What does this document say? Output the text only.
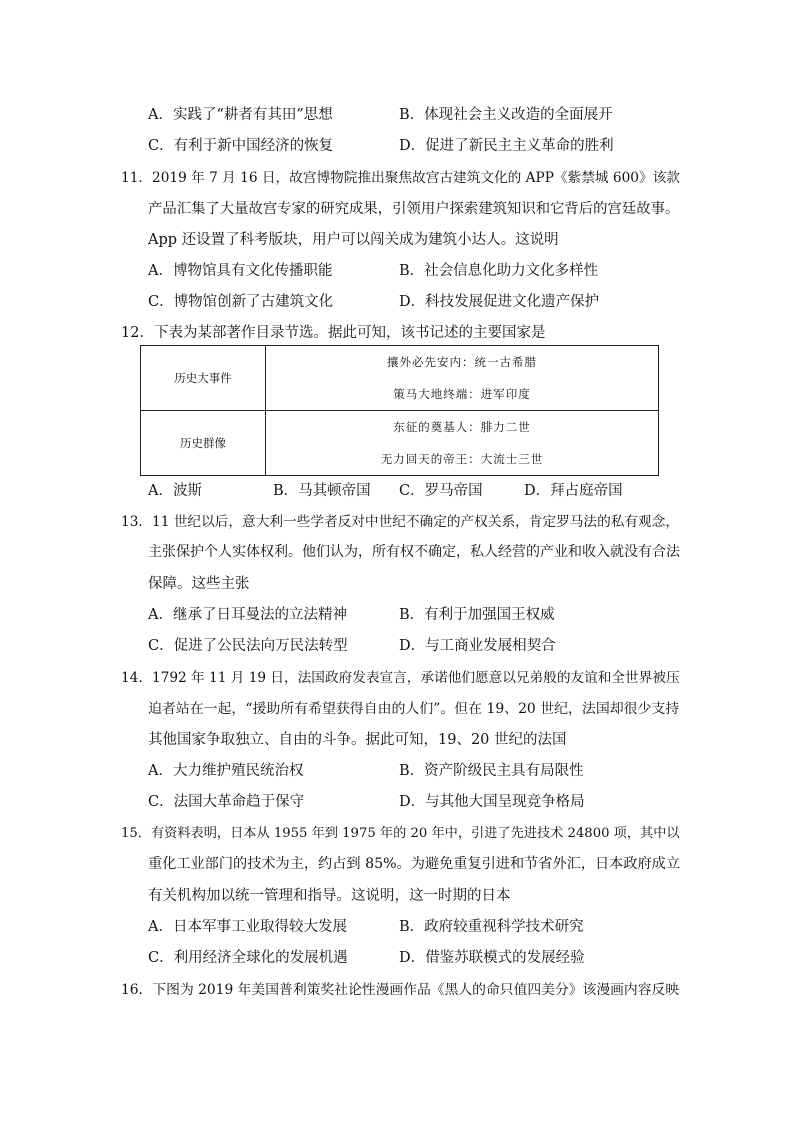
A．实践了“耕者有其田”思想	B．体现社会主义改造的全面展开
C．有利于新中国经济的恢复	D．促进了新民主主义革命的胜利
11．2019 年 7 月 16 日，故宫博物院推出聚焦故宫古建筑文化的 APP《紫禁城 600》该款
产品汇集了大量故宫专家的研究成果，引领用户探索建筑知识和它背后的宫廷故事。
App 还设置了科考版块，用户可以闯关成为建筑小达人。这说明
A．博物馆具有文化传播职能	B．社会信息化助力文化多样性
C．博物馆创新了古建筑文化	D．科技发展促进文化遗产保护
12．下表为某部著作目录节选。据此可知，该书记述的主要国家是
历史大事件	攘外必先安内：统一古希腊
策马大地终端：进军印度

历史群像	东征的奠基人：腓力二世
无力回天的帝王：大流士三世
A．波斯	B．马其顿帝国 C．罗马帝国	D．拜占庭帝国
13．11 世纪以后，意大利一些学者反对中世纪不确定的产权关系，肯定罗马法的私有观念，
主张保护个人实体权利。他们认为，所有权不确定，私人经营的产业和收入就没有合法
保障。这些主张
A．继承了日耳曼法的立法精神	B．有利于加强国王权威
C．促进了公民法向万民法转型	D．与工商业发展相契合
14．1792 年 11 月 19 日，法国政府发表宣言，承诺他们愿意以兄弟般的友谊和全世界被压
迫者站在一起，“援助所有希望获得自由的人们”。但在 19、20 世纪，法国却很少支持
其他国家争取独立、自由的斗争。据此可知，19、20 世纪的法国
A．大力维护殖民统治权	B．资产阶级民主具有局限性
C．法国大革命趋于保守	D．与其他大国呈现竞争格局
15．有资料表明，日本从 1955 年到 1975 年的 20 年中，引进了先进技术 24800 项，其中以
重化工业部门的技术为主，约占到 85%。为避免重复引进和节省外汇，日本政府成立
有关机构加以统一管理和指导。这说明，这一时期的日本
A．日本军事工业取得较大发展	B．政府较重视科学技术研究
C．利用经济全球化的发展机遇	D．借鉴苏联模式的发展经验
16．下图为 2019 年美国普利策奖社论性漫画作品《黑人的命只值四美分》该漫画内容反映
